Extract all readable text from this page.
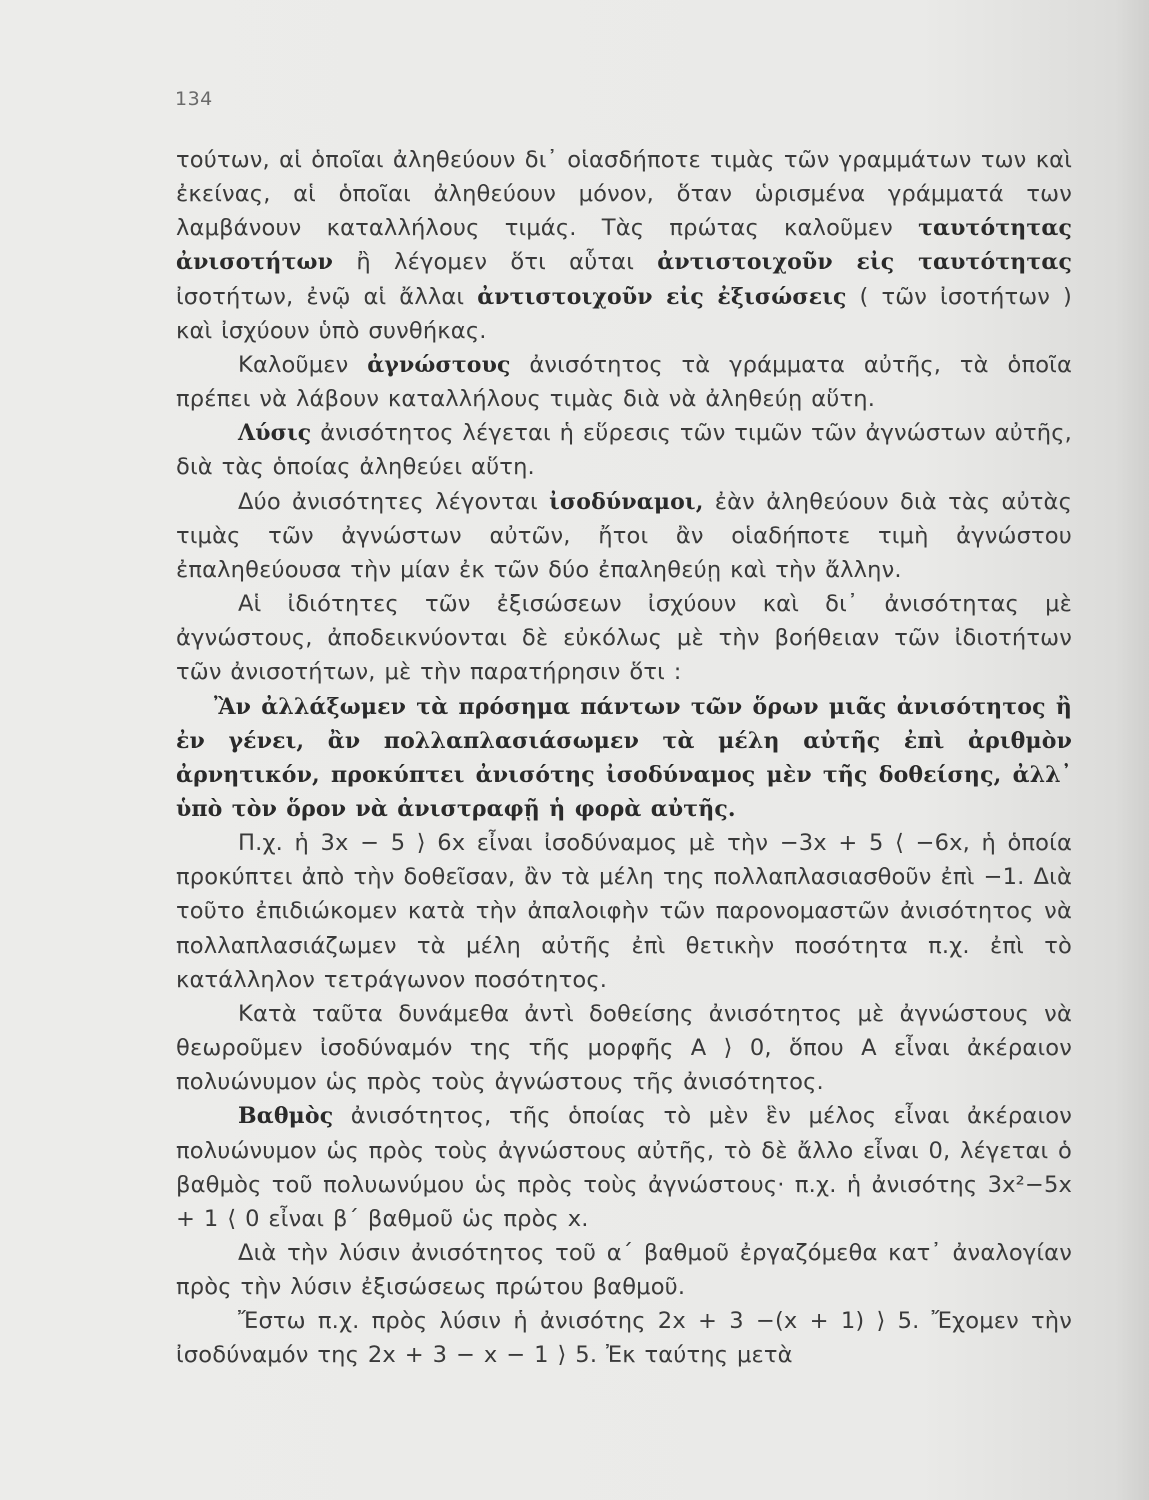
134

τούτων, αἱ ὁποῖαι ἀληθεύουν δι᾽ οἱασδήποτε τιμὰς τῶν γραμμάτων των καὶ ἐκείνας, αἱ ὁποῖαι ἀληθεύουν μόνον, ὅταν ὡρισμένα γράμματά των λαμβάνουν καταλλήλους τιμάς. Τὰς πρώτας καλοῦμεν ταυτότητας ἀνισοτήτων ἢ λέγομεν ὅτι αὗται ἀντιστοιχοῦν εἰς ταυτότητας ἰσοτήτων, ἐνῷ αἱ ἄλλαι ἀντιστοιχοῦν εἰς ἐξισώσεις ( τῶν ἰσοτήτων ) καὶ ἰσχύουν ὑπὸ συνθήκας.

Καλοῦμεν ἀγνώστους ἀνισότητος τὰ γράμματα αὐτῆς, τὰ ὁποῖα πρέπει νὰ λάβουν καταλλήλους τιμὰς διὰ νὰ ἀληθεύῃ αὕτη.

Λύσις ἀνισότητος λέγεται ἡ εὕρεσις τῶν τιμῶν τῶν ἀγνώστων αὐτῆς, διὰ τὰς ὁποίας ἀληθεύει αὕτη.

Δύο ἀνισότητες λέγονται ἰσοδύναμοι, ἐὰν ἀληθεύουν διὰ τὰς αὐτὰς τιμὰς τῶν ἀγνώστων αὐτῶν, ἤτοι ἂν οἱαδήποτε τιμὴ ἀγνώστου ἐπαληθεύουσα τὴν μίαν ἐκ τῶν δύο ἐπαληθεύῃ καὶ τὴν ἄλλην.

Αἱ ἰδιότητες τῶν ἐξισώσεων ἰσχύουν καὶ δι᾽ ἀνισότητας μὲ ἀγνώστους, ἀποδεικνύονται δὲ εὐκόλως μὲ τὴν βοήθειαν τῶν ἰδιοτήτων τῶν ἀνισοτήτων, μὲ τὴν παρατήρησιν ὅτι :

Ἂν ἀλλάξωμεν τὰ πρόσημα πάντων τῶν ὅρων μιᾶς ἀνισότητος ἢ ἐν γένει, ἂν πολλαπλασιάσωμεν τὰ μέλη αὐτῆς ἐπὶ ἀριθμὸν ἀρνητικόν, προκύπτει ἀνισότης ἰσοδύναμος μὲν τῆς δοθείσης, ἀλλ᾽ ὑπὸ τὸν ὅρον νὰ ἀνιστραφῇ ἡ φορὰ αὐτῆς.

Π.χ. ἡ 3x − 5 ⟩ 6x εἶναι ἰσοδύναμος μὲ τὴν −3x + 5 ⟨ −6x, ἡ ὁποία προκύπτει ἀπὸ τὴν δοθεῖσαν, ἂν τὰ μέλη της πολλαπλασιασθοῦν ἐπὶ −1. Διὰ τοῦτο ἐπιδιώκομεν κατὰ τὴν ἀπαλοιφὴν τῶν παρονομαστῶν ἀνισότητος νὰ πολλαπλασιάζωμεν τὰ μέλη αὐτῆς ἐπὶ θετικὴν ποσότητα π.χ. ἐπὶ τὸ κατάλληλον τετράγωνον ποσότητος.

Κατὰ ταῦτα δυνάμεθα ἀντὶ δοθείσης ἀνισότητος μὲ ἀγνώστους νὰ θεωροῦμεν ἰσοδύναμόν της τῆς μορφῆς A ⟩ 0, ὅπου A εἶναι ἀκέραιον πολυώνυμον ὡς πρὸς τοὺς ἀγνώστους τῆς ἀνισότητος.

Βαθμὸς ἀνισότητος, τῆς ὁποίας τὸ μὲν ἓν μέλος εἶναι ἀκέραιον πολυώνυμον ὡς πρὸς τοὺς ἀγνώστους αὐτῆς, τὸ δὲ ἄλλο εἶναι 0, λέγεται ὁ βαθμὸς τοῦ πολυωνύμου ὡς πρὸς τοὺς ἀγνώστους· π.χ. ἡ ἀνισότης 3x²−5x + 1 ⟨ 0 εἶναι β΄ βαθμοῦ ὡς πρὸς x.

Διὰ τὴν λύσιν ἀνισότητος τοῦ α΄ βαθμοῦ ἐργαζόμεθα κατ᾽ ἀναλογίαν πρὸς τὴν λύσιν ἐξισώσεως πρώτου βαθμοῦ.

Ἔστω π.χ. πρὸς λύσιν ἡ ἀνισότης 2x + 3 −(x + 1) ⟩ 5. Ἔχομεν τὴν ἰσοδύναμόν της 2x + 3 − x − 1 ⟩ 5. Ἐκ ταύτης μετὰ
